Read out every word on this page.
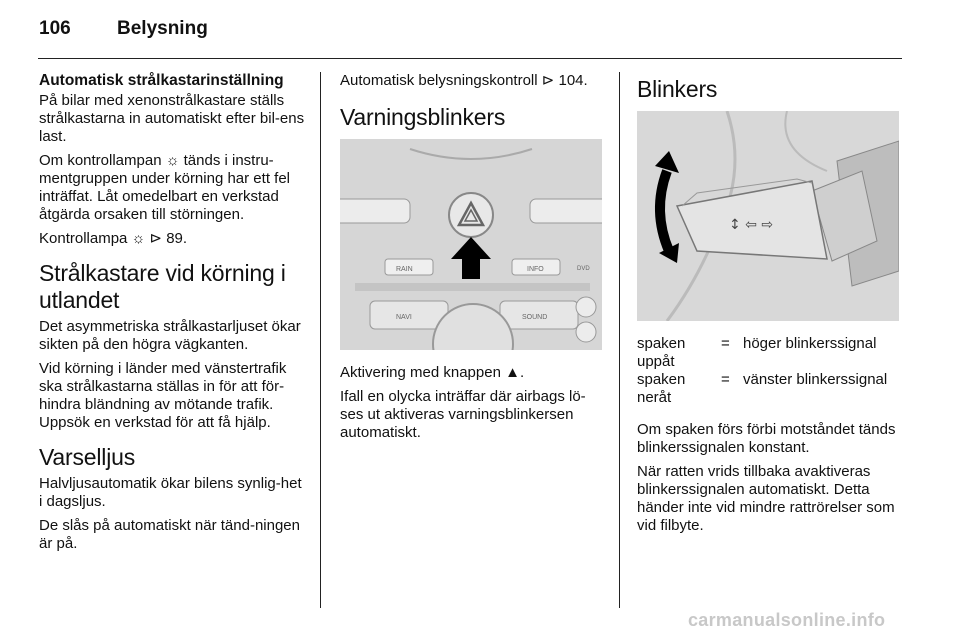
106 Belysning
Automatisk strålkastarinställning

På bilar med xenonstrålkastare ställs strålkastarna in automatiskt efter bil-ens last.

Om kontrollampan ☼ tänds i instru-mentgruppen under körning har ett fel inträffat. Låt omedelbart en verkstad åtgärda orsaken till störningen.

Kontrollampa ☼ ⊳ 89.

Strålkastare vid körning i utlandet

Det asymmetriska strålkastarljuset ökar sikten på den högra vägkanten.

Vid körning i länder med vänstertrafik ska strålkastarna ställas in för att för-hindra bländning av mötande trafik. Uppsök en verkstad för att få hjälp.

Varselljus

Halvljusautomatik ökar bilens synlig-het i dagsljus.

De slås på automatiskt när tänd-ningen är på.

Automatisk belysningskontroll ⊳ 104.

Varningsblinkers
RAIN	INFO	DVD
NAVI	SOUND

Aktivering med knappen ▲.

Ifall en olycka inträffar där airbags lö-ses ut aktiveras varningsblinkersen automatiskt.

Blinkers
↕ ⇦ ⇨
spaken uppåt	=	höger blinkerssignal
spaken neråt	=	vänster blinkerssignal

Om spaken förs förbi motståndet tänds blinkerssignalen konstant.

När ratten vrids tillbaka avaktiveras blinkerssignalen automatiskt. Detta händer inte vid mindre rattrörelser som vid filbyte.

carmanualsonline.info
